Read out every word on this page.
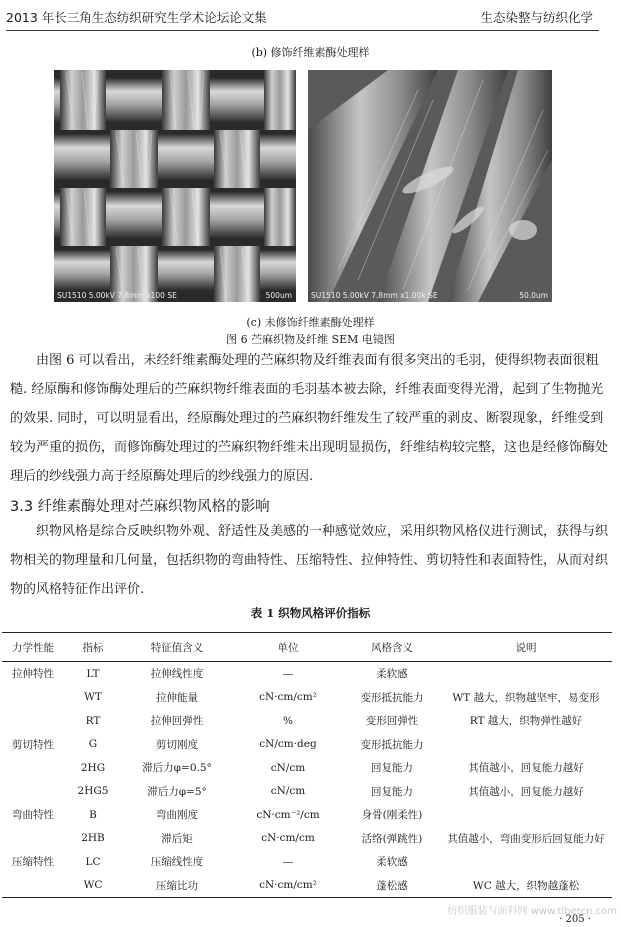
2013 年长三角生态纺织研究生学术论坛论文集	生态染整与纺织化学
(b) 修饰纤维素酶处理样
SU1510 5.00kV 7.8mm x100 SE	500um	SU1510 5.00kV 7.8mm x1.00k SE	50.0um
(c) 未修饰纤维素酶处理样
图 6 苎麻织物及纤维 SEM 电镜图
由图 6 可以看出，未经纤维素酶处理的苎麻织物及纤维表面有很多突出的毛羽，使得织物表面很粗
糙. 经原酶和修饰酶处理后的苎麻织物纤维表面的毛羽基本被去除，纤维表面变得光滑，起到了生物抛光
的效果. 同时，可以明显看出，经原酶处理过的苎麻织物纤维发生了较严重的剥皮、断裂现象，纤维受到
较为严重的损伤，而修饰酶处理过的苎麻织物纤维未出现明显损伤，纤维结构较完整，这也是经修饰酶处
理后的纱线强力高于经原酶处理后的纱线强力的原因.
3.3 纤维素酶处理对苎麻织物风格的影响
织物风格是综合反映织物外观、舒适性及美感的一种感觉效应，采用织物风格仪进行测试，获得与织
物相关的物理量和几何量，包括织物的弯曲特性、压缩特性、拉伸特性、剪切特性和表面特性，从而对织
物的风格特征作出评价.
表 1 织物风格评价指标
力学性能	指标	特征值含义	单位	风格含义	说明
拉伸特性	LT	拉伸线性度	—	柔软感	
	WT	拉伸能量	cN·cm/cm²	变形抵抗能力	WT 越大，织物越坚牢，易变形
	RT	拉伸回弹性	%	变形回弹性	RT 越大，织物弹性越好
剪切特性	G	剪切刚度	cN/cm·deg	变形抵抗能力	
	2HG	滞后力φ=0.5°	cN/cm	回复能力	其值越小，回复能力越好
	2HG5	滞后力φ=5°	cN/cm	回复能力	其值越小，回复能力越好
弯曲特性	B	弯曲刚度	cN·cm⁻²/cm	身骨(刚柔性)	
	2HB	滞后矩	cN·cm/cm	活络(弹跳性)	其值越小，弯曲变形后回复能力好
压缩特性	LC	压缩线性度	—	柔软感	
	WC	压缩比功	cN·cm/cm²	蓬松感	WC 越大，织物越蓬松
纺织服装与面料网 www.tlbercn.com
· 205 ·
